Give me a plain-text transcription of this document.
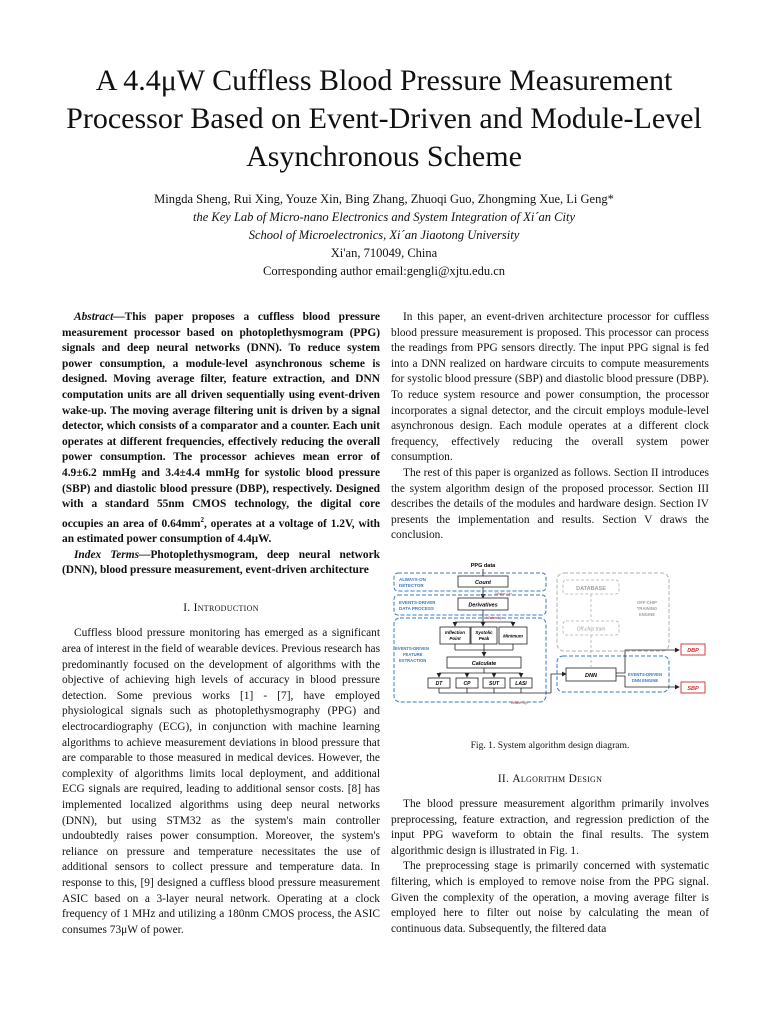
A 4.4μW Cuffless Blood Pressure Measurement
Processor Based on Event-Driven and Module-Level
Asynchronous Scheme
Mingda Sheng, Rui Xing, Youze Xin, Bing Zhang, Zhuoqi Guo, Zhongming Xue, Li Geng*
the Key Lab of Micro-nano Electronics and System Integration of Xi´an City
School of Microelectronics, Xi´an Jiaotong University
Xi'an, 710049, China
Corresponding author email:gengli@xjtu.edu.cn

Abstract—This paper proposes a cuffless blood pressure measurement processor based on photoplethysmogram (PPG) signals and deep neural networks (DNN). To reduce system power consumption, a module-level asynchronous scheme is designed. Moving average filter, feature extraction, and DNN computation units are all driven sequentially using event-driven wake-up. The moving average filtering unit is driven by a signal detector, which consists of a comparator and a counter. Each unit operates at different frequencies, effectively reducing the overall power consumption. The processor achieves mean error of 4.9±6.2 mmHg and 3.4±4.4 mmHg for systolic blood pressure (SBP) and diastolic blood pressure (DBP), respectively. Designed with a standard 55nm CMOS technology, the digital core occupies an area of $0.64mm^2$, operates at a voltage of 1.2V, with an estimated power consumption of 4.4μW.

Index Terms—Photoplethysmogram, deep neural network (DNN), blood pressure measurement, event-driven architecture

I. Introduction

Cuffless blood pressure monitoring has emerged as a significant area of interest in the field of wearable devices. Previous research has predominantly focused on the development of algorithms with the objective of achieving high levels of accuracy in blood pressure detection. Some previous works [1] - [7], have employed physiological signals such as photoplethysmography (PPG) and electrocardiography (ECG), in conjunction with machine learning algorithms to achieve measurement deviations in blood pressure that are comparable to those measured in medical devices. However, the complexity of algorithms limits local deployment, and additional ECG signals are required, leading to additional sensor costs. [8] has implemented localized algorithms using deep neural networks (DNN), but using STM32 as the system's main controller undoubtedly raises power consumption. Moreover, the system's reliance on pressure and temperature necessitates the use of additional sensors to collect pressure and temperature data. In response to this, [9] designed a cuffless blood pressure measurement ASIC based on a 3-layer neural network. Operating at a clock frequency of 1 MHz and utilizing a 180nm CMOS process, the ASIC consumes 73μW of power.

In this paper, an event-driven architecture processor for cuffless blood pressure measurement is proposed. This processor can process the readings from PPG sensors directly. The input PPG signal is fed into a DNN realized on hardware circuits to compute measurements for systolic blood pressure (SBP) and diastolic blood pressure (DBP). To reduce system resource and power consumption, the processor incorporates a signal detector, and the circuit employs module-level asynchronous design. Each module operates at a different clock frequency, effectively reducing the overall system power consumption.

The rest of this paper is organized as follows. Section II introduces the system algorithm design of the proposed processor. Section III describes the details of the modules and hardware design. Section IV presents the implementation and results. Section V draws the conclusion.

PPG data
ALWAYS-ON
DETECTOR	Count
Wake-Up
EVENTS-DRIVER
DATA PROCESS	Derivatives
Wake-Up
EVENTS-DRIVEN
FEATURE
EXTRACTION
Inflection
Point
Systolic
Peak	Minimum
Calculate
DT	CP	SUT	LASI
Wake-Up
DATABASE
OFF-CHIP
TRAINING
ENGINE
Off-chip train
DNN	EVENTS-DRIVEN
DNN ENGINE
DBP
SBP
Fig. 1. System algorithm design diagram.
II. Algorithm Design

The blood pressure measurement algorithm primarily involves preprocessing, feature extraction, and regression prediction of the input PPG waveform to obtain the final results. The system algorithmic design is illustrated in Fig. 1.

The preprocessing stage is primarily concerned with systematic filtering, which is employed to remove noise from the PPG signal. Given the complexity of the operation, a moving average filter is employed here to filter out noise by calculating the mean of continuous data. Subsequently, the filtered data
